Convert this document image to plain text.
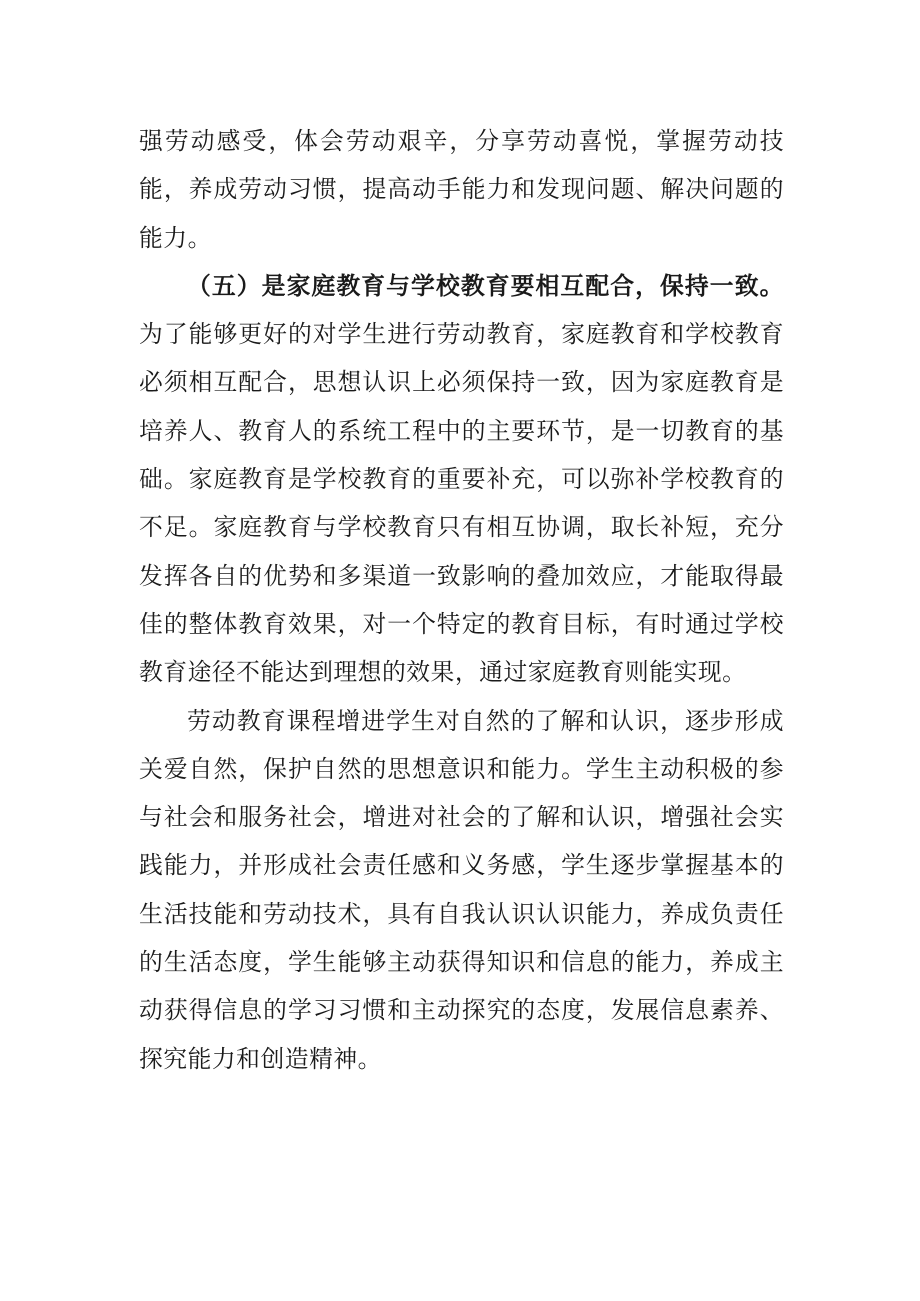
强劳动感受，体会劳动艰辛，分享劳动喜悦，掌握劳动技能，养成劳动习惯，提高动手能力和发现问题、解决问题的能力。

（五）是家庭教育与学校教育要相互配合，保持一致。为了能够更好的对学生进行劳动教育，家庭教育和学校教育必须相互配合，思想认识上必须保持一致，因为家庭教育是培养人、教育人的系统工程中的主要环节，是一切教育的基础。家庭教育是学校教育的重要补充，可以弥补学校教育的不足。家庭教育与学校教育只有相互协调，取长补短，充分发挥各自的优势和多渠道一致影响的叠加效应，才能取得最佳的整体教育效果，对一个特定的教育目标，有时通过学校教育途径不能达到理想的效果，通过家庭教育则能实现。

劳动教育课程增进学生对自然的了解和认识，逐步形成关爱自然，保护自然的思想意识和能力。学生主动积极的参与社会和服务社会，增进对社会的了解和认识，增强社会实践能力，并形成社会责任感和义务感，学生逐步掌握基本的生活技能和劳动技术，具有自我认识认识能力，养成负责任的生活态度，学生能够主动获得知识和信息的能力，养成主动获得信息的学习习惯和主动探究的态度，发展信息素养、探究能力和创造精神。
